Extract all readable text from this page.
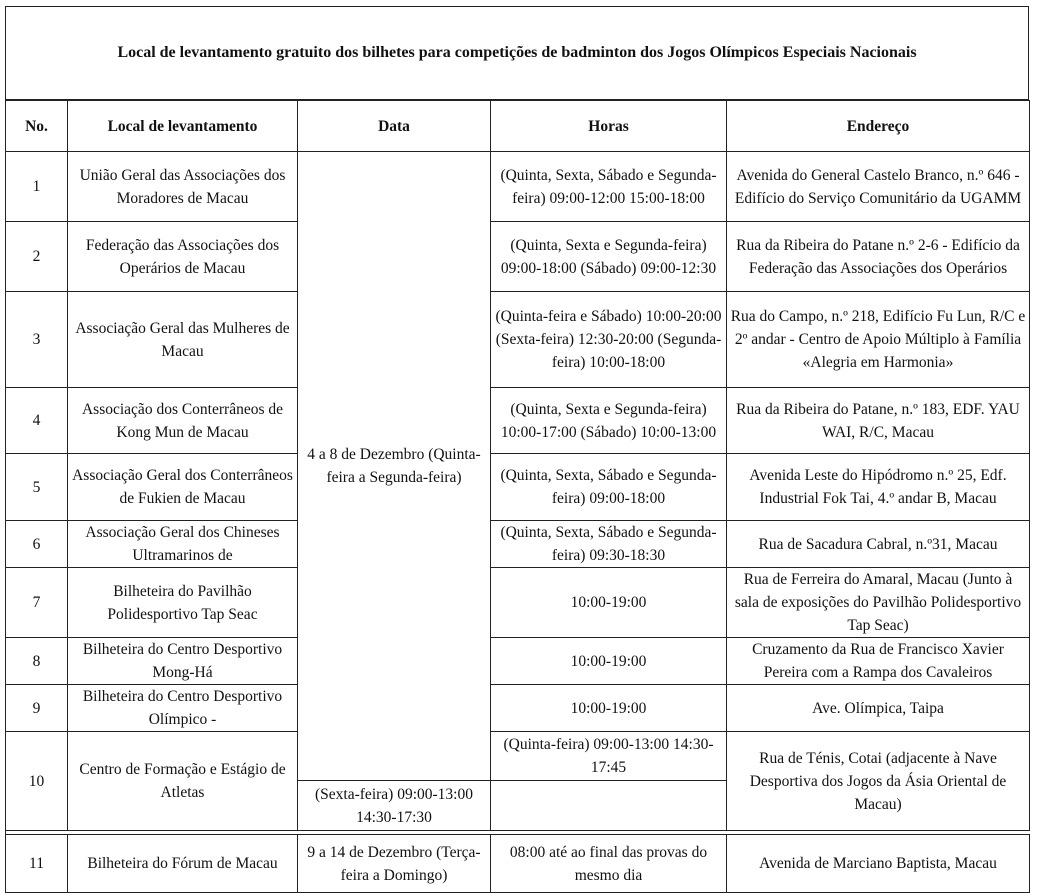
Local de levantamento gratuito dos bilhetes para competições de badminton dos Jogos Olímpicos Especiais Nacionais
No.	Local de levantamento	Data	Horas	Endereço
1	União Geral das Associações dos Moradores de Macau	4 a 8 de Dezembro (Quinta-feira a Segunda-feira)	(Quinta, Sexta, Sábado e Segunda-feira) 09:00-12:00 15:00-18:00	Avenida do General Castelo Branco, n.º 646 - Edifício do Serviço Comunitário da UGAMM
2	Federação das Associações dos Operários de Macau		(Quinta, Sexta e Segunda-feira) 09:00-18:00 (Sábado) 09:00-12:30	Rua da Ribeira do Patane n.º 2-6 - Edifício da Federação das Associações dos Operários
3	Associação Geral das Mulheres de Macau		(Quinta-feira e Sábado) 10:00-20:00 (Sexta-feira) 12:30-20:00 (Segunda-feira) 10:00-18:00	Rua do Campo, n.º 218, Edifício Fu Lun, R/C e 2º andar - Centro de Apoio Múltiplo à Família «Alegria em Harmonia»
4	Associação dos Conterrâneos de Kong Mun de Macau		(Quinta, Sexta e Segunda-feira) 10:00-17:00 (Sábado) 10:00-13:00	Rua da Ribeira do Patane, n.º 183, EDF. YAU WAI, R/C, Macau
5	Associação Geral dos Conterrâneos de Fukien de Macau		(Quinta, Sexta, Sábado e Segunda-feira) 09:00-18:00	Avenida Leste do Hipódromo n.º 25, Edf. Industrial Fok Tai, 4.º andar B, Macau
6	Associação Geral dos Chineses Ultramarinos de		(Quinta, Sexta, Sábado e Segunda-feira) 09:30-18:30	Rua de Sacadura Cabral, n.º31, Macau
7	Bilheteira do Pavilhão Polidesportivo Tap Seac		10:00-19:00	Rua de Ferreira do Amaral, Macau (Junto à sala de exposições do Pavilhão Polidesportivo Tap Seac)
8	Bilheteira do Centro Desportivo Mong-Há		10:00-19:00	Cruzamento da Rua de Francisco Xavier Pereira com a Rampa dos Cavaleiros
9	Bilheteira do Centro Desportivo Olímpico -		10:00-19:00	Ave. Olímpica, Taipa
10	Centro de Formação e Estágio de Atletas		(Quinta-feira) 09:00-13:00 14:30-17:45	Rua de Ténis, Cotai (adjacente à Nave Desportiva dos Jogos da Ásia Oriental de Macau)
		(Sexta-feira) 09:00-13:00 14:30-17:30		

11	Bilheteira do Fórum de Macau	9 a 14 de Dezembro (Terça-feira a Domingo)	08:00 até ao final das provas do mesmo dia	Avenida de Marciano Baptista, Macau
